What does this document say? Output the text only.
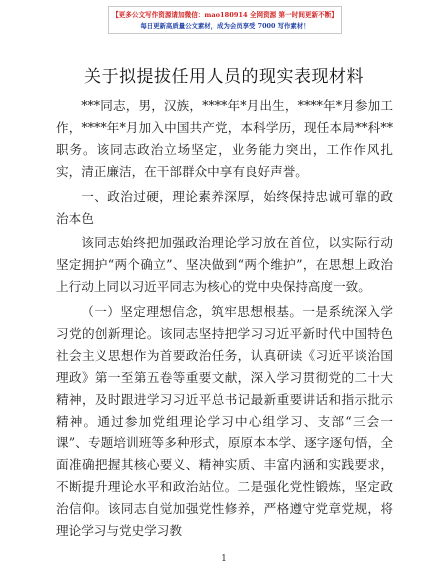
【更多公文写作资源请加微信：mao180914 全网资源 第一时间更新不断】
每日更新高质量公文素材，成为会员享受 7000 写作素材！
关于拟提拔任用人员的现实表现材料

***同志，男，汉族，****年*月出生，****年*月参加工作，****年*月加入中国共产党，本科学历，现任本局**科**职务。该同志政治立场坚定，业务能力突出，工作作风扎实，清正廉洁，在干部群众中享有良好声誉。

一、政治过硬，理论素养深厚，始终保持忠诚可靠的政治本色

该同志始终把加强政治理论学习放在首位，以实际行动坚定拥护“两个确立”、坚决做到“两个维护”，在思想上政治上行动上同以习近平同志为核心的党中央保持高度一致。

（一）坚定理想信念，筑牢思想根基。一是系统深入学习党的创新理论。该同志坚持把学习习近平新时代中国特色社会主义思想作为首要政治任务，认真研读《习近平谈治国理政》第一至第五卷等重要文献，深入学习贯彻党的二十大精神，及时跟进学习习近平总书记最新重要讲话和指示批示精神。通过参加党组理论学习中心组学习、支部“三会一课”、专题培训班等多种形式，原原本本学、逐字逐句悟，全面准确把握其核心要义、精神实质、丰富内涵和实践要求，不断提升理论水平和政治站位。二是强化党性锻炼，坚定政治信仰。该同志自觉加强党性修养，严格遵守党章党规，将理论学习与党史学习教

1
